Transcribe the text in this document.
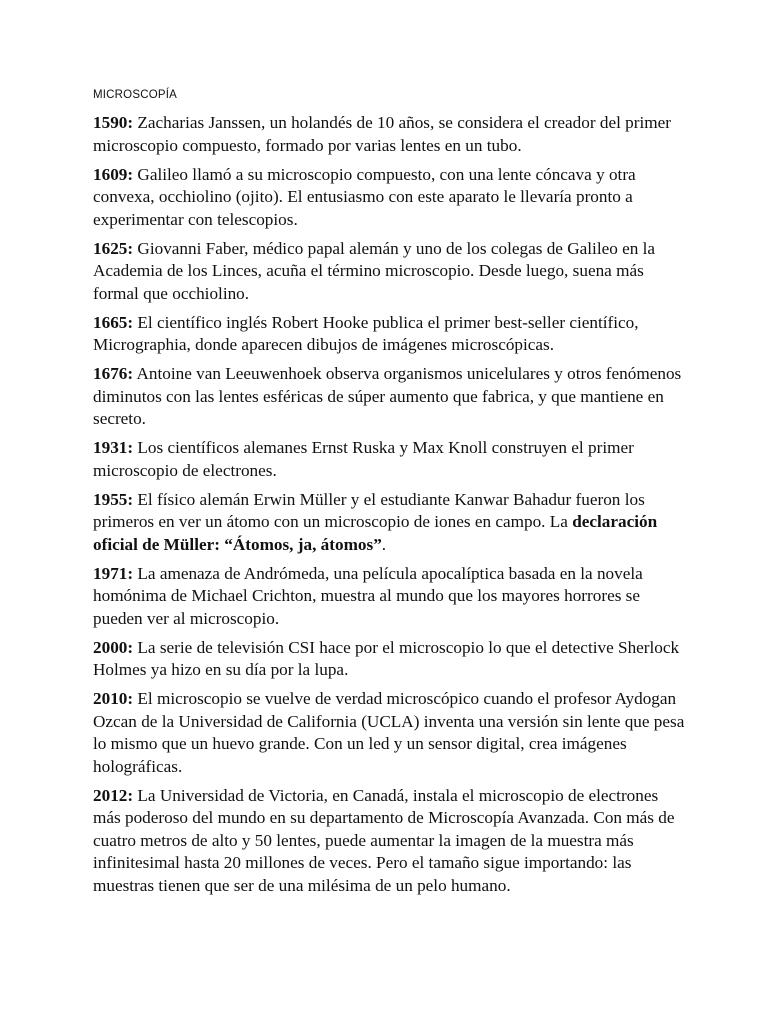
MICROSCOPÍA

1590: Zacharias Janssen, un holandés de 10 años, se considera el creador del primer microscopio compuesto, formado por varias lentes en un tubo.

1609: Galileo llamó a su microscopio compuesto, con una lente cóncava y otra convexa, occhiolino (ojito). El entusiasmo con este aparato le llevaría pronto a experimentar con telescopios.

1625: Giovanni Faber, médico papal alemán y uno de los colegas de Galileo en la Academia de los Linces, acuña el término microscopio. Desde luego, suena más formal que occhiolino.

1665: El científico inglés Robert Hooke publica el primer best-seller científico, Micrographia, donde aparecen dibujos de imágenes microscópicas.

1676: Antoine van Leeuwenhoek observa organismos unicelulares y otros fenómenos diminutos con las lentes esféricas de súper aumento que fabrica, y que mantiene en secreto.

1931: Los científicos alemanes Ernst Ruska y Max Knoll construyen el primer microscopio de electrones.

1955: El físico alemán Erwin Müller y el estudiante Kanwar Bahadur fueron los primeros en ver un átomo con un microscopio de iones en campo. La declaración oficial de Müller: “Átomos, ja, átomos”.

1971: La amenaza de Andrómeda, una película apocalíptica basada en la novela homónima de Michael Crichton, muestra al mundo que los mayores horrores se pueden ver al microscopio.

2000: La serie de televisión CSI hace por el microscopio lo que el detective Sherlock Holmes ya hizo en su día por la lupa.

2010: El microscopio se vuelve de verdad microscópico cuando el profesor Aydogan Ozcan de la Universidad de California (UCLA) inventa una versión sin lente que pesa lo mismo que un huevo grande. Con un led y un sensor digital, crea imágenes holográficas.

2012: La Universidad de Victoria, en Canadá, instala el microscopio de electrones más poderoso del mundo en su departamento de Microscopía Avanzada. Con más de cuatro metros de alto y 50 lentes, puede aumentar la imagen de la muestra más infinitesimal hasta 20 millones de veces. Pero el tamaño sigue importando: las muestras tienen que ser de una milésima de un pelo humano.
